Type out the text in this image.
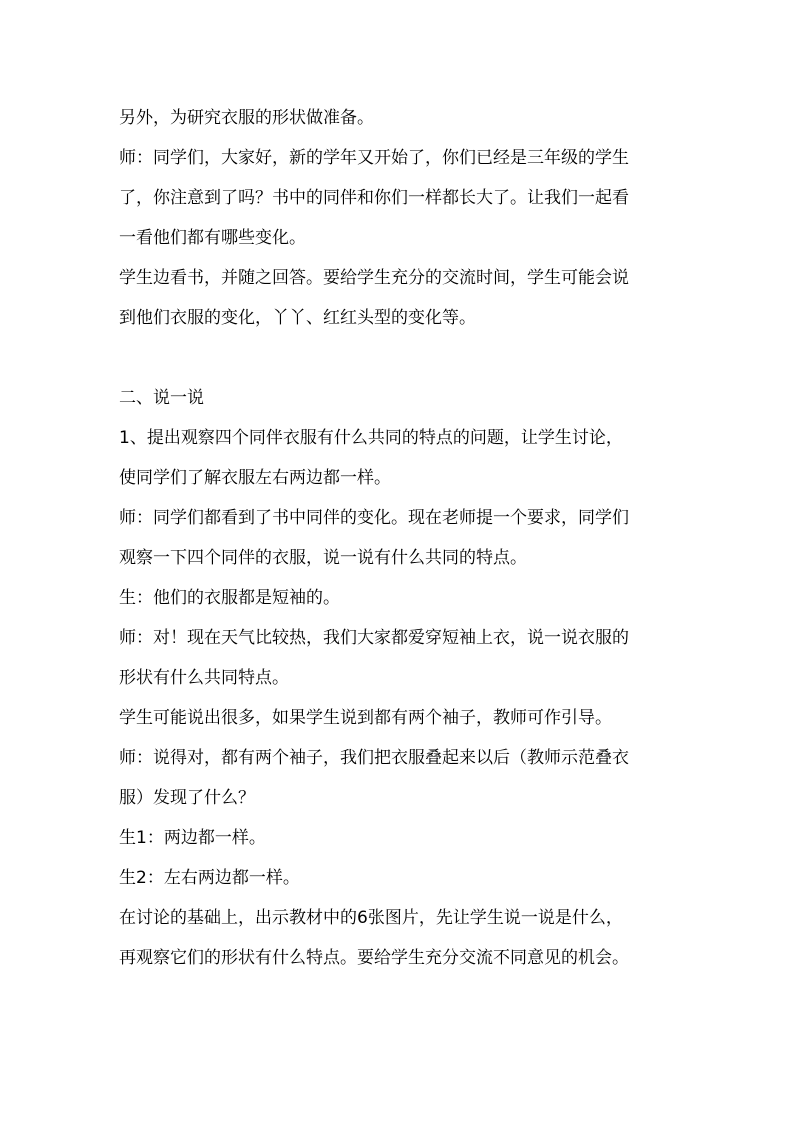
另外，为研究衣服的形状做准备。
师：同学们，大家好，新的学年又开始了，你们已经是三年级的学生
了，你注意到了吗？书中的同伴和你们一样都长大了。让我们一起看
一看他们都有哪些变化。
学生边看书，并随之回答。要给学生充分的交流时间，学生可能会说
到他们衣服的变化，丫丫、红红头型的变化等。
二、说一说
1、提出观察四个同伴衣服有什么共同的特点的问题，让学生讨论，
使同学们了解衣服左右两边都一样。
师：同学们都看到了书中同伴的变化。现在老师提一个要求，同学们
观察一下四个同伴的衣服，说一说有什么共同的特点。
生：他们的衣服都是短袖的。
师：对！现在天气比较热，我们大家都爱穿短袖上衣，说一说衣服的
形状有什么共同特点。
学生可能说出很多，如果学生说到都有两个袖子，教师可作引导。
师：说得对，都有两个袖子，我们把衣服叠起来以后（教师示范叠衣
服）发现了什么？
生1：两边都一样。
生2：左右两边都一样。
在讨论的基础上，出示教材中的6张图片，先让学生说一说是什么，
再观察它们的形状有什么特点。要给学生充分交流不同意见的机会。
